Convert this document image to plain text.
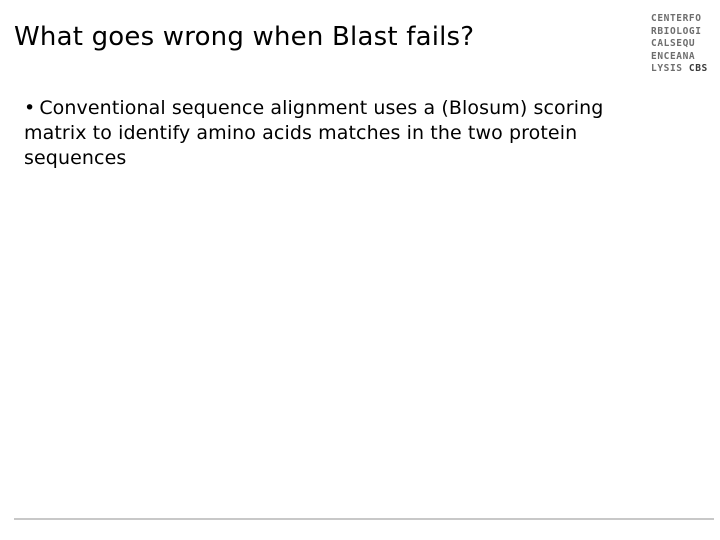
What goes wrong when Blast fails?
CENTERFO
RBIOLOGI
CALSEQU
ENCEANA
LYSIS CBS
• Conventional sequence alignment uses a (Blosum) scoring matrix to identify amino acids matches in the two protein sequences
